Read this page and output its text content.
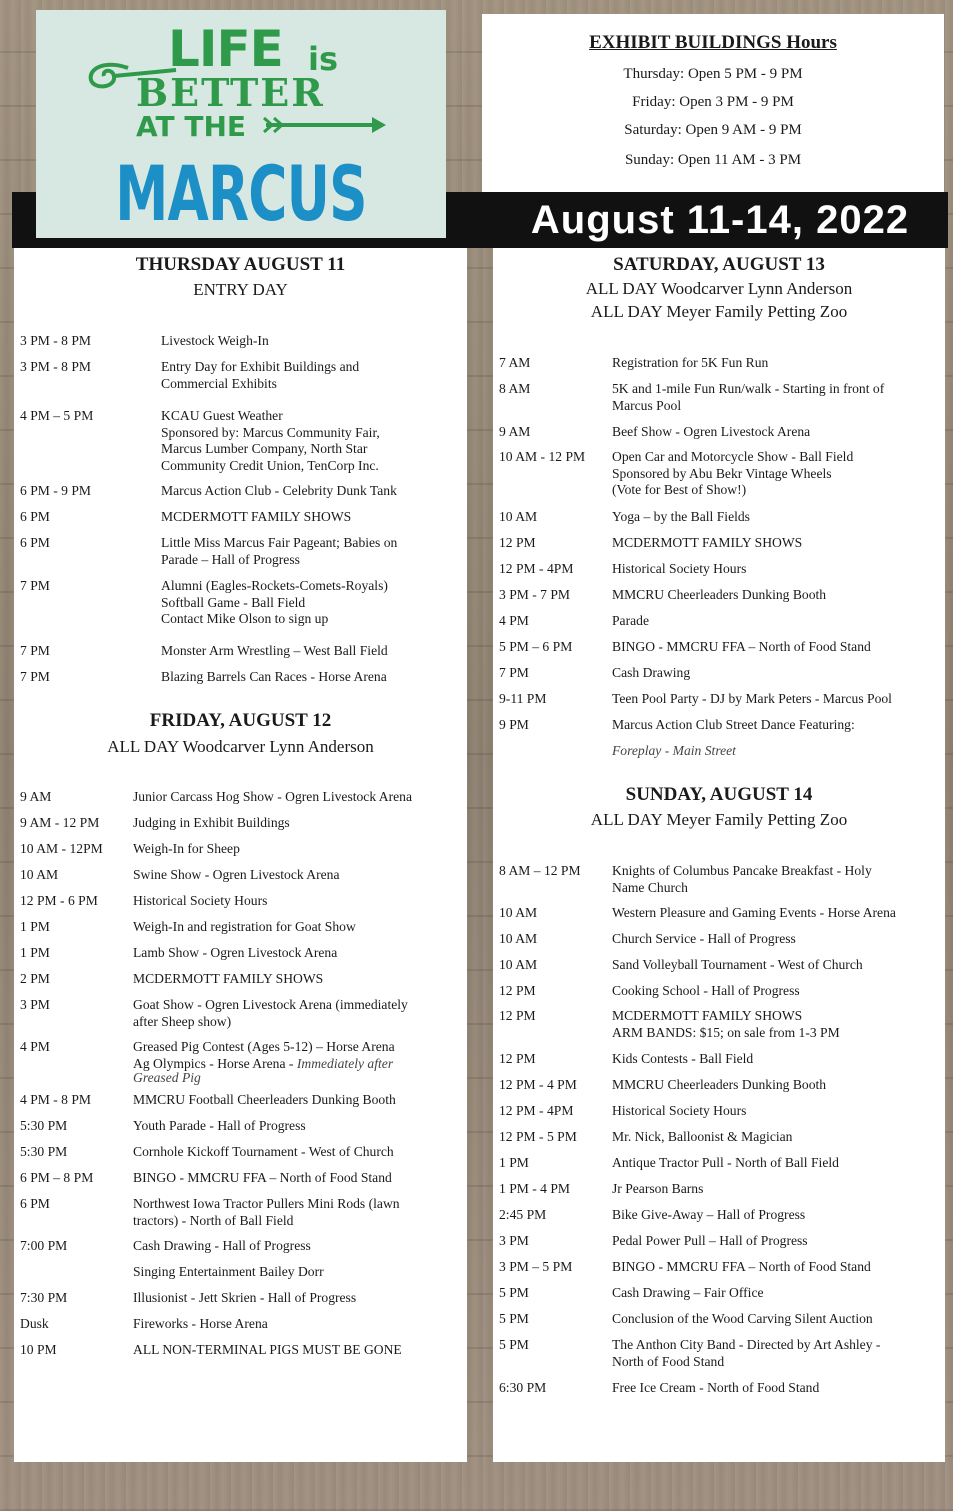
August 11-14, 2022
LIFE is
BETTER
AT THE
MARCUS
EXHIBIT BUILDINGS Hours
Thursday: Open 5 PM - 9 PM
Friday: Open 3 PM - 9 PM
Saturday: Open 9 AM - 9 PM
Sunday: Open 11 AM - 3 PM
THURSDAY AUGUST 11
ENTRY DAY
3 PM - 8 PM	Livestock Weigh-In
3 PM - 8 PM	Entry Day for Exhibit Buildings and
Commercial Exhibits
4 PM – 5 PM	KCAU Guest Weather
Sponsored by: Marcus Community Fair,
Marcus Lumber Company, North Star
Community Credit Union, TenCorp Inc.
6 PM - 9 PM	Marcus Action Club - Celebrity Dunk Tank
6 PM	MCDERMOTT FAMILY SHOWS
6 PM	Little Miss Marcus Fair Pageant; Babies on
Parade – Hall of Progress
7 PM	Alumni (Eagles-Rockets-Comets-Royals)
Softball Game - Ball Field
Contact Mike Olson to sign up
7 PM	Monster Arm Wrestling – West Ball Field
7 PM	Blazing Barrels Can Races - Horse Arena
FRIDAY, AUGUST 12
ALL DAY Woodcarver Lynn Anderson
9 AM	Junior Carcass Hog Show - Ogren Livestock Arena
9 AM - 12 PM Judging in Exhibit Buildings
10 AM - 12PM Weigh-In for Sheep
10 AM	Swine Show - Ogren Livestock Arena
12 PM - 6 PM	Historical Society Hours
1 PM	Weigh-In and registration for Goat Show
1 PM	Lamb Show - Ogren Livestock Arena
2 PM	MCDERMOTT FAMILY SHOWS
3 PM	Goat Show - Ogren Livestock Arena (immediately
after Sheep show)
4 PM	Greased Pig Contest (Ages 5-12) – Horse Arena
Ag Olympics - Horse Arena - Immediately after
Greased Pig
4 PM - 8 PM	MMCRU Football Cheerleaders Dunking Booth
5:30 PM	Youth Parade - Hall of Progress
5:30 PM	Cornhole Kickoff Tournament - West of Church
6 PM – 8 PM	BINGO - MMCRU FFA – North of Food Stand
6 PM	Northwest Iowa Tractor Pullers Mini Rods (lawn
tractors) - North of Ball Field
7:00 PM	Cash Drawing - Hall of Progress
Singing Entertainment Bailey Dorr
7:30 PM	Illusionist - Jett Skrien - Hall of Progress
Dusk	Fireworks - Horse Arena
10 PM	ALL NON-TERMINAL PIGS MUST BE GONE
SATURDAY, AUGUST 13
ALL DAY Woodcarver Lynn Anderson
ALL DAY Meyer Family Petting Zoo
7 AM	Registration for 5K Fun Run
8 AM	5K and 1-mile Fun Run/walk - Starting in front of
Marcus Pool
9 AM	Beef Show - Ogren Livestock Arena
10 AM - 12 PM Open Car and Motorcycle Show - Ball Field
Sponsored by Abu Bekr Vintage Wheels
(Vote for Best of Show!)
10 AM	Yoga – by the Ball Fields
12 PM	MCDERMOTT FAMILY SHOWS
12 PM - 4PM	Historical Society Hours
3 PM - 7 PM	MMCRU Cheerleaders Dunking Booth
4 PM	Parade
5 PM – 6 PM	BINGO - MMCRU FFA – North of Food Stand
7 PM	Cash Drawing
9-11 PM	Teen Pool Party - DJ by Mark Peters - Marcus Pool
9 PM	Marcus Action Club Street Dance Featuring:
Foreplay - Main Street
SUNDAY, AUGUST 14
ALL DAY Meyer Family Petting Zoo
8 AM – 12 PM Knights of Columbus Pancake Breakfast - Holy
Name Church
10 AM	Western Pleasure and Gaming Events - Horse Arena
10 AM	Church Service - Hall of Progress
10 AM	Sand Volleyball Tournament - West of Church
12 PM	Cooking School - Hall of Progress
12 PM	MCDERMOTT FAMILY SHOWS
ARM BANDS: $15; on sale from 1-3 PM
12 PM	Kids Contests - Ball Field
12 PM - 4 PM	MMCRU Cheerleaders Dunking Booth
12 PM - 4PM	Historical Society Hours
12 PM - 5 PM	Mr. Nick, Balloonist & Magician
1 PM	Antique Tractor Pull - North of Ball Field
1 PM - 4 PM	Jr Pearson Barns
2:45 PM	Bike Give-Away – Hall of Progress
3 PM	Pedal Power Pull – Hall of Progress
3 PM – 5 PM	BINGO - MMCRU FFA – North of Food Stand
5 PM	Cash Drawing – Fair Office
5 PM	Conclusion of the Wood Carving Silent Auction
5 PM	The Anthon City Band - Directed by Art Ashley -
North of Food Stand
6:30 PM	Free Ice Cream - North of Food Stand
